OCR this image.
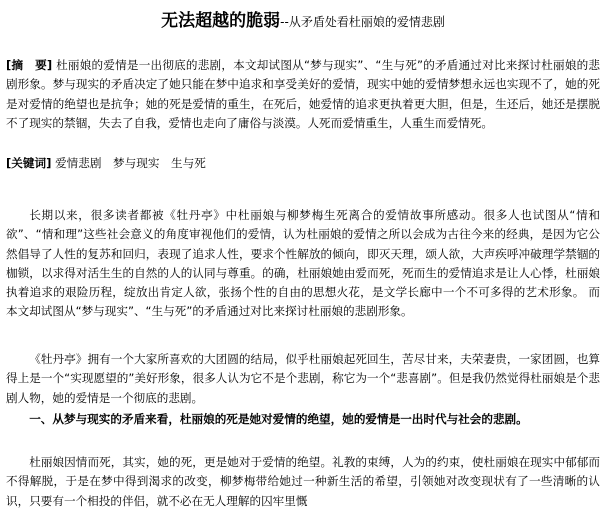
无法超越的脆弱--从矛盾处看杜丽娘的爱情悲剧

[摘　要] 杜丽娘的爱情是一出彻底的悲剧，本文却试图从“梦与现实”、“生与死”的矛盾通过对比来探讨杜丽娘的悲剧形象。梦与现实的矛盾决定了她只能在梦中追求和享受美好的爱情，现实中她的爱情梦想永远也实现不了，她的死是对爱情的绝望也是抗争；她的死是爱情的重生，在死后，她爱情的追求更执着更大胆，但是，生还后，她还是摆脱不了现实的禁锢，失去了自我，爱情也走向了庸俗与淡漠。人死而爱情重生，人重生而爱情死。

[关键词] 爱情悲剧　梦与现实　生与死

长期以来，很多读者都被《牡丹亭》中杜丽娘与柳梦梅生死离合的爱情故事所感动。很多人也试图从“情和欲”、“情和理”这些社会意义的角度审视他们的爱情，认为杜丽娘的爱情之所以会成为古往今来的经典，是因为它公然倡导了人性的复苏和回归，表现了追求人性，要求个性解放的倾向，即灭天理，颂人欲，大声疾呼冲破理学禁锢的枷锁，以求得对活生生的自然的人的认同与尊重。的确，杜丽娘她由爱而死，死而生的爱情追求是让人心悸，杜丽娘执着追求的艰险历程，绽放出肯定人欲，张扬个性的自由的思想火花，是文学长廊中一个不可多得的艺术形象。 而本文却试图从“梦与现实”、“生与死”的矛盾通过对比来探讨杜丽娘的悲剧形象。

《牡丹亭》拥有一个大家所喜欢的大团圆的结局，似乎杜丽娘起死回生，苦尽甘来，夫荣妻贵，一家团圆，也算得上是一个“实现愿望的”美好形象，很多人认为它不是个悲剧，称它为一个“悲喜剧”。但是我仍然觉得杜丽娘是个悲剧人物，她的爱情是一个彻底的悲剧。

一、从梦与现实的矛盾来看，杜丽娘的死是她对爱情的绝望，她的爱情是一出时代与社会的悲剧。

杜丽娘因情而死，其实，她的死，更是她对于爱情的绝望。礼教的束缚，人为的约束，使杜丽娘在现实中郁郁而不得解脱，于是在梦中得到渴求的改变，柳梦梅带给她过一种新生活的希望，引领她对改变现状有了一些清晰的认识，只要有一个相投的伴侣，就不必在无人理解的囚牢里慨
